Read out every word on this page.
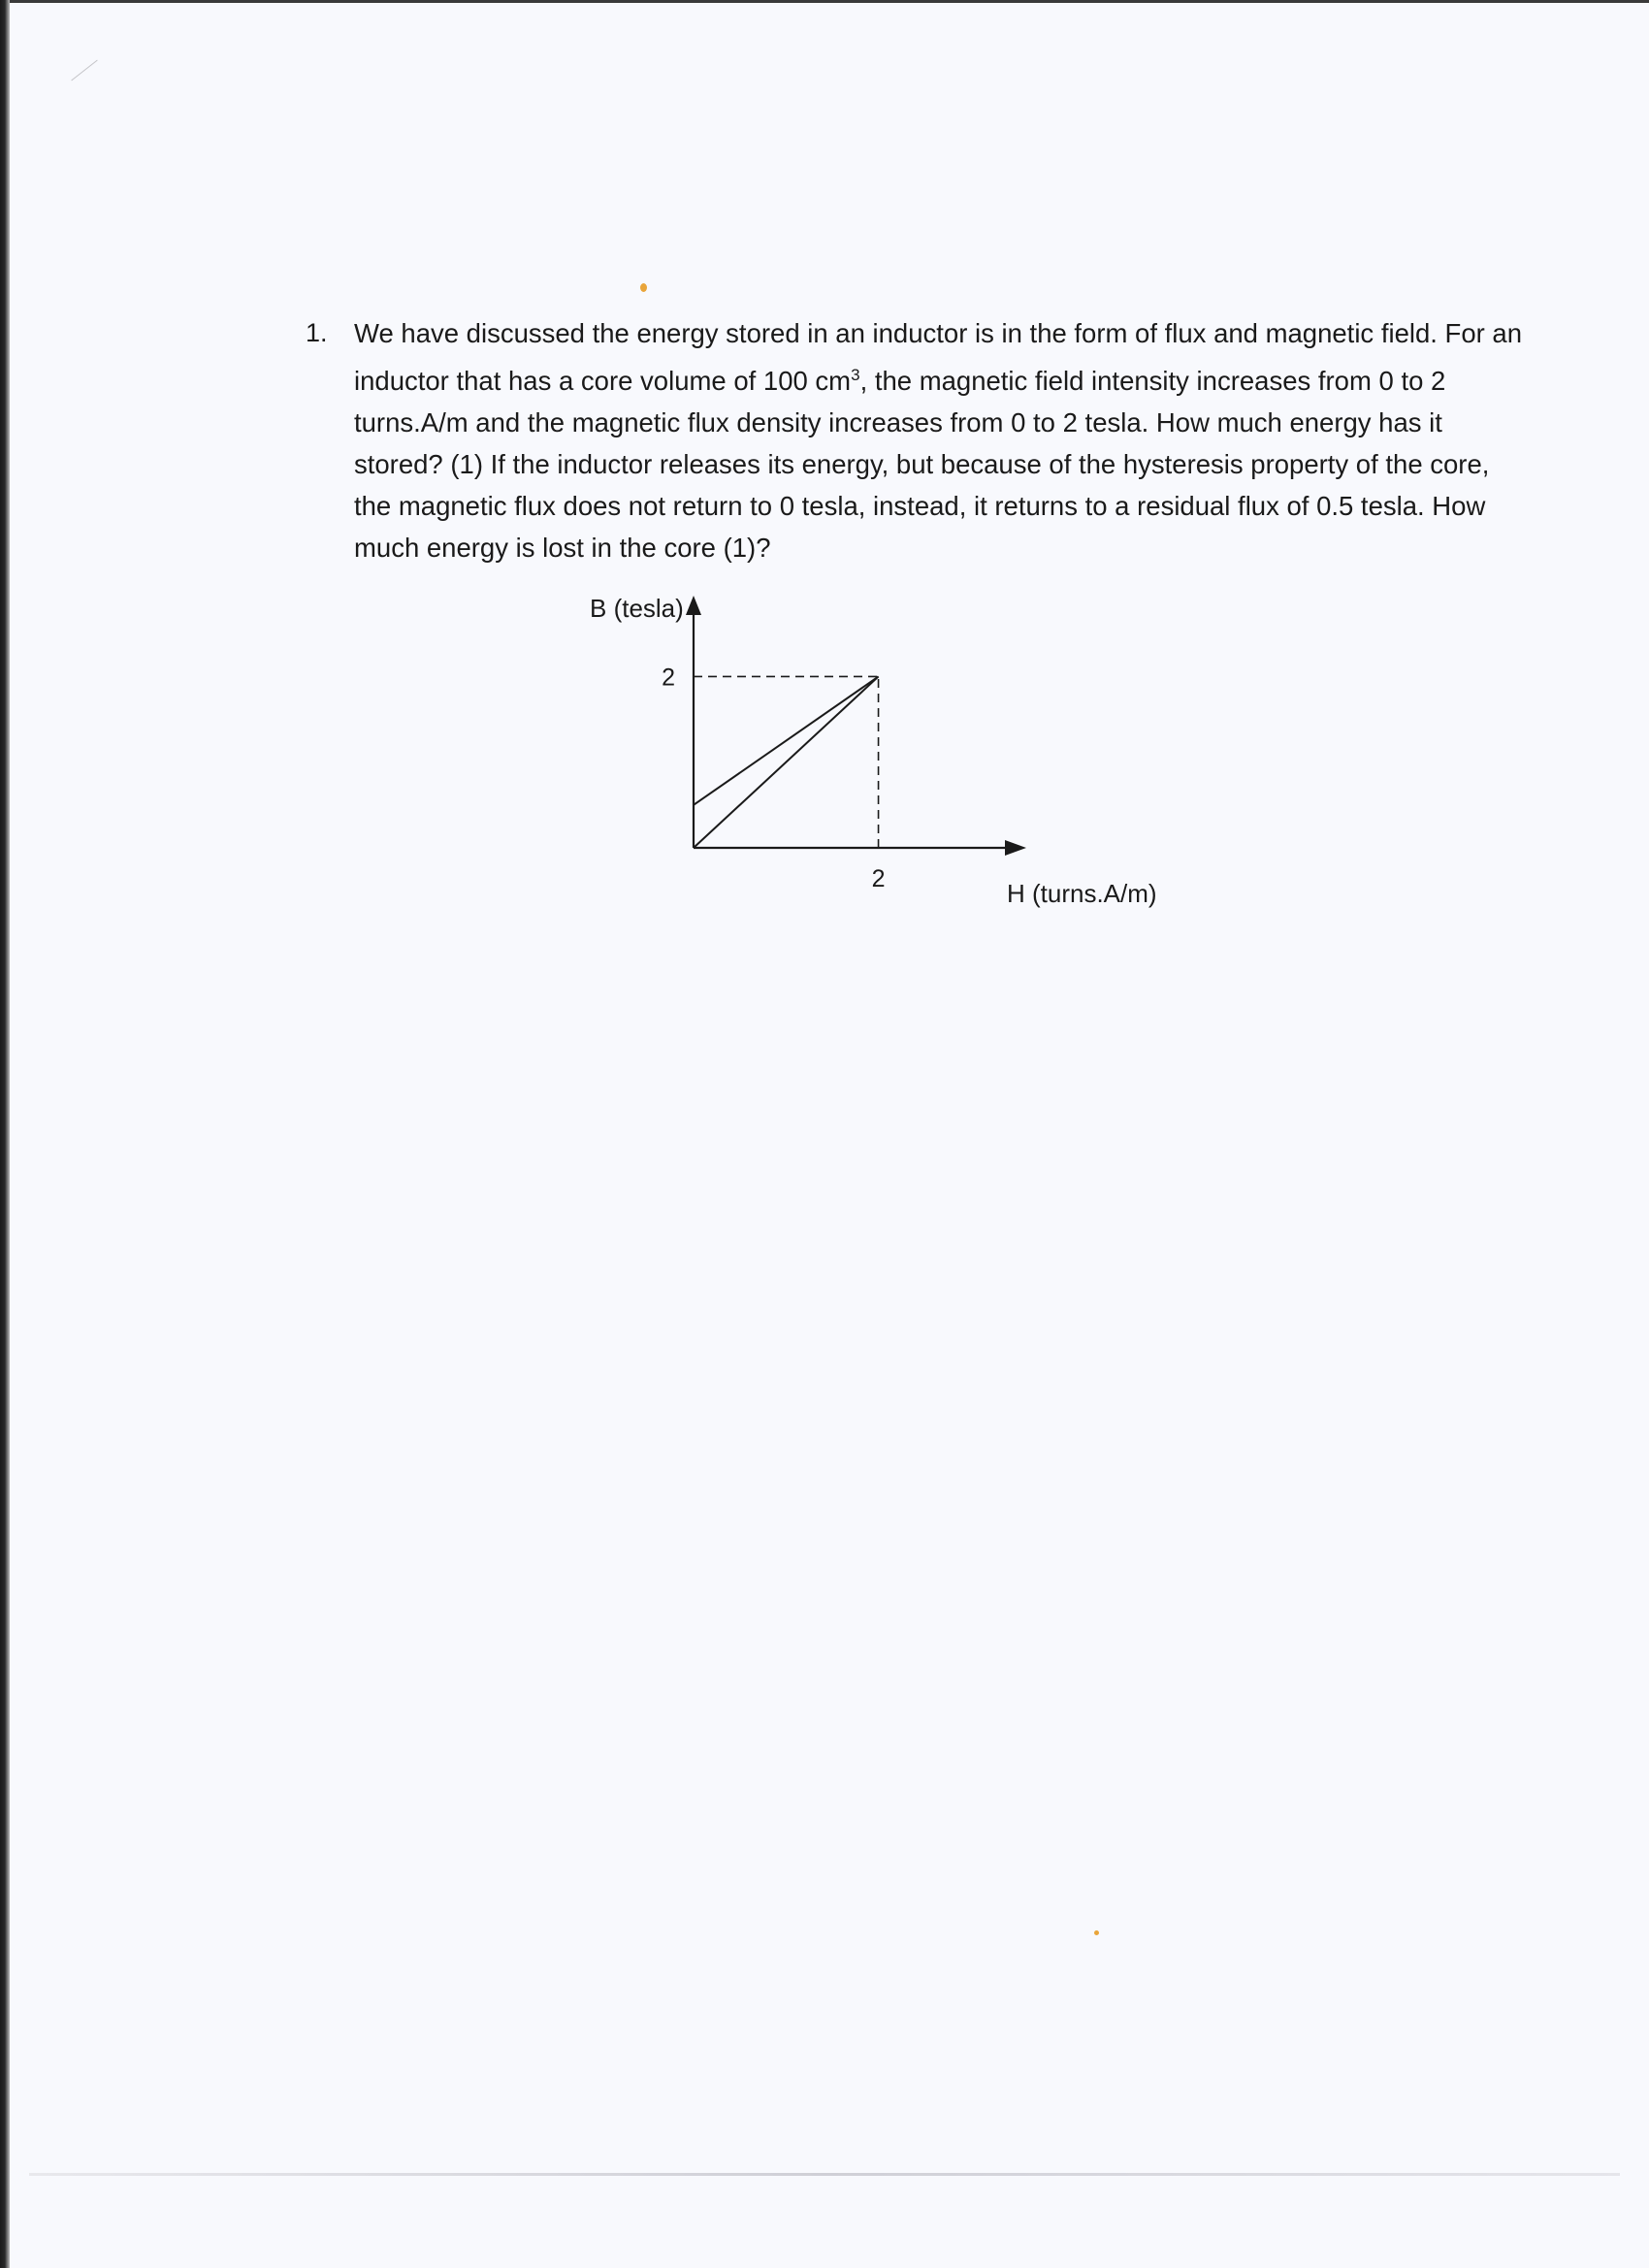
1. We have discussed the energy stored in an inductor is in the form of flux and magnetic field. For an inductor that has a core volume of 100 $cm^3$, the magnetic field intensity increases from 0 to 2 turns.A/m and the magnetic flux density increases from 0 to 2 tesla. How much energy has it stored? (1) If the inductor releases its energy, but because of the hysteresis property of the core, the magnetic flux does not return to 0 tesla, instead, it returns to a residual flux of 0.5 tesla. How much energy is lost in the core (1)?

B (tesla)
H (turns.A/m)
2
2
